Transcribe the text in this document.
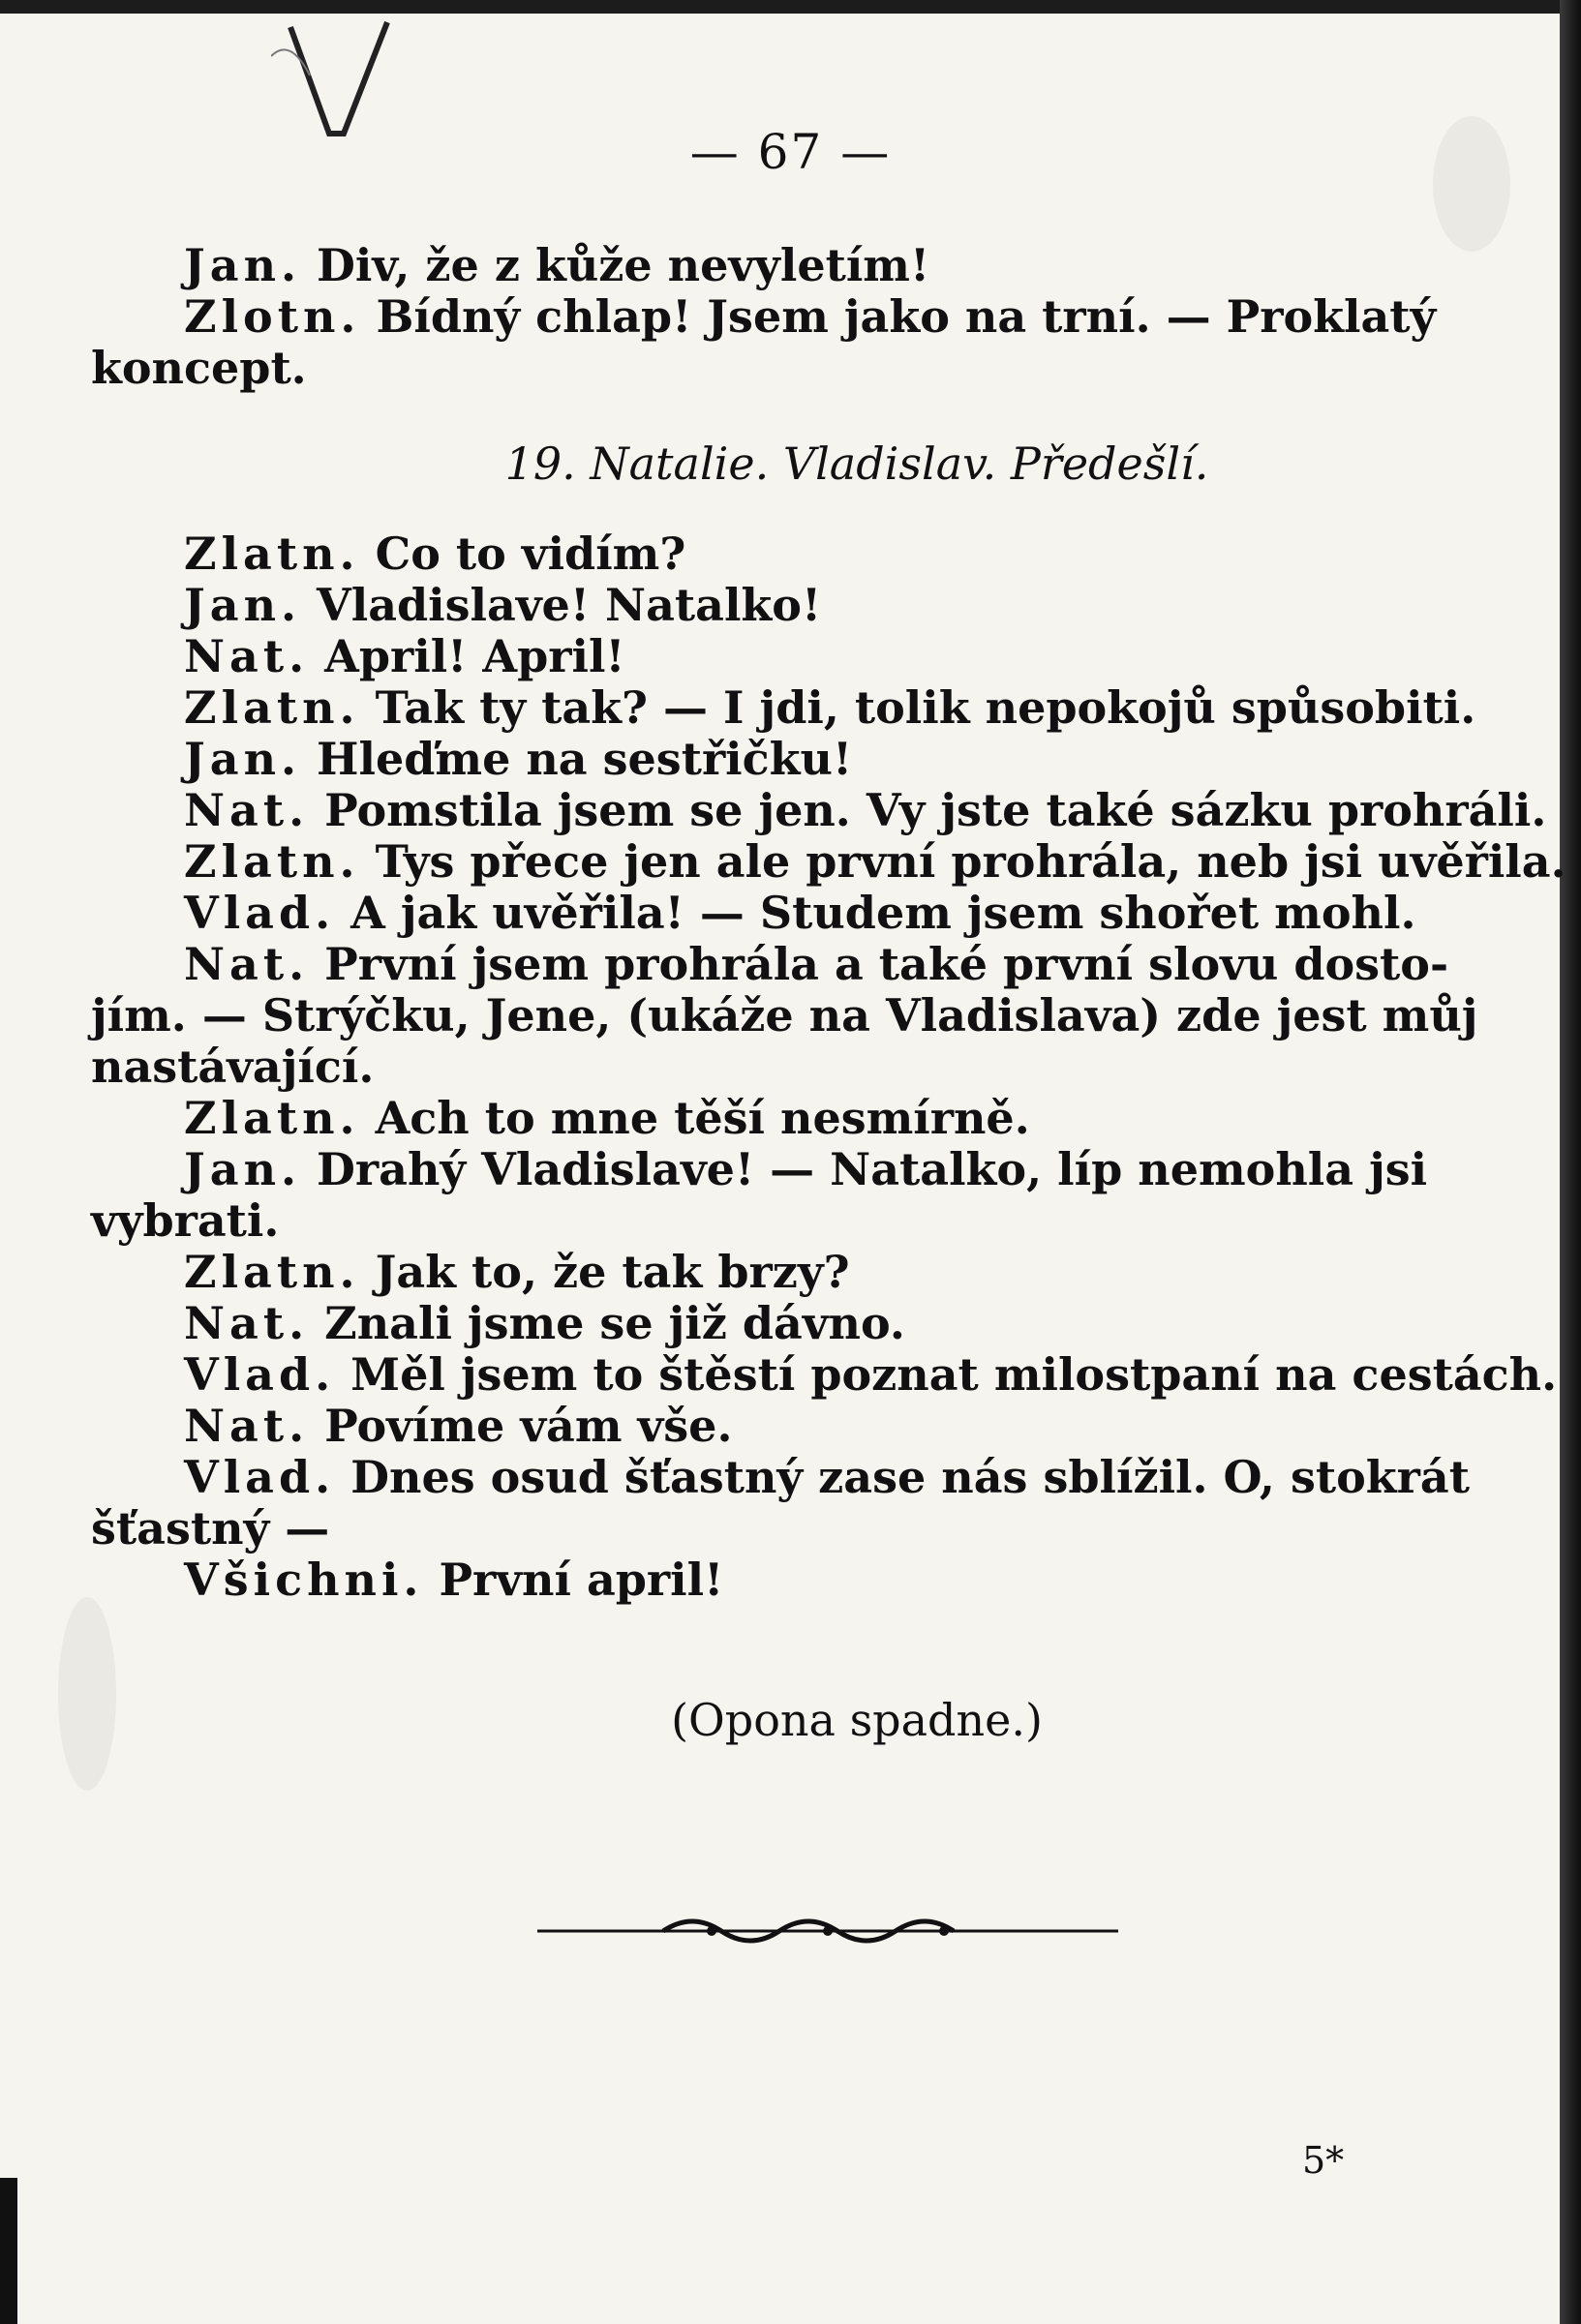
— 67 —
Jan. Div, že z kůže nevyletím!
Zlotn. Bídný chlap! Jsem jako na trní. — Proklatý
koncept.
19. Natalie. Vladislav. Předešlí.
Zlatn. Co to vidím?
Jan. Vladislave! Natalko!
Nat. April! April!
Zlatn. Tak ty tak? — I jdi, tolik nepokojů spůsobiti.
Jan. Hleďme na sestřičku!
Nat. Pomstila jsem se jen. Vy jste také sázku prohráli.
Zlatn. Tys přece jen ale první prohrála, neb jsi uvěřila.
Vlad. A jak uvěřila! — Studem jsem shořet mohl.
Nat. První jsem prohrála a také první slovu dosto-
jím. — Strýčku, Jene, (ukáže na Vladislava) zde jest můj
nastávající.
Zlatn. Ach to mne těší nesmírně.
Jan. Drahý Vladislave! — Natalko, líp nemohla jsi
vybrati.
Zlatn. Jak to, že tak brzy?
Nat. Znali jsme se již dávno.
Vlad. Měl jsem to štěstí poznat milostpaní na cestách.
Nat. Povíme vám vše.
Vlad. Dnes osud šťastný zase nás sblížil. O, stokrát
šťastný —
Všichni. První april!
(Opona spadne.)
5*
